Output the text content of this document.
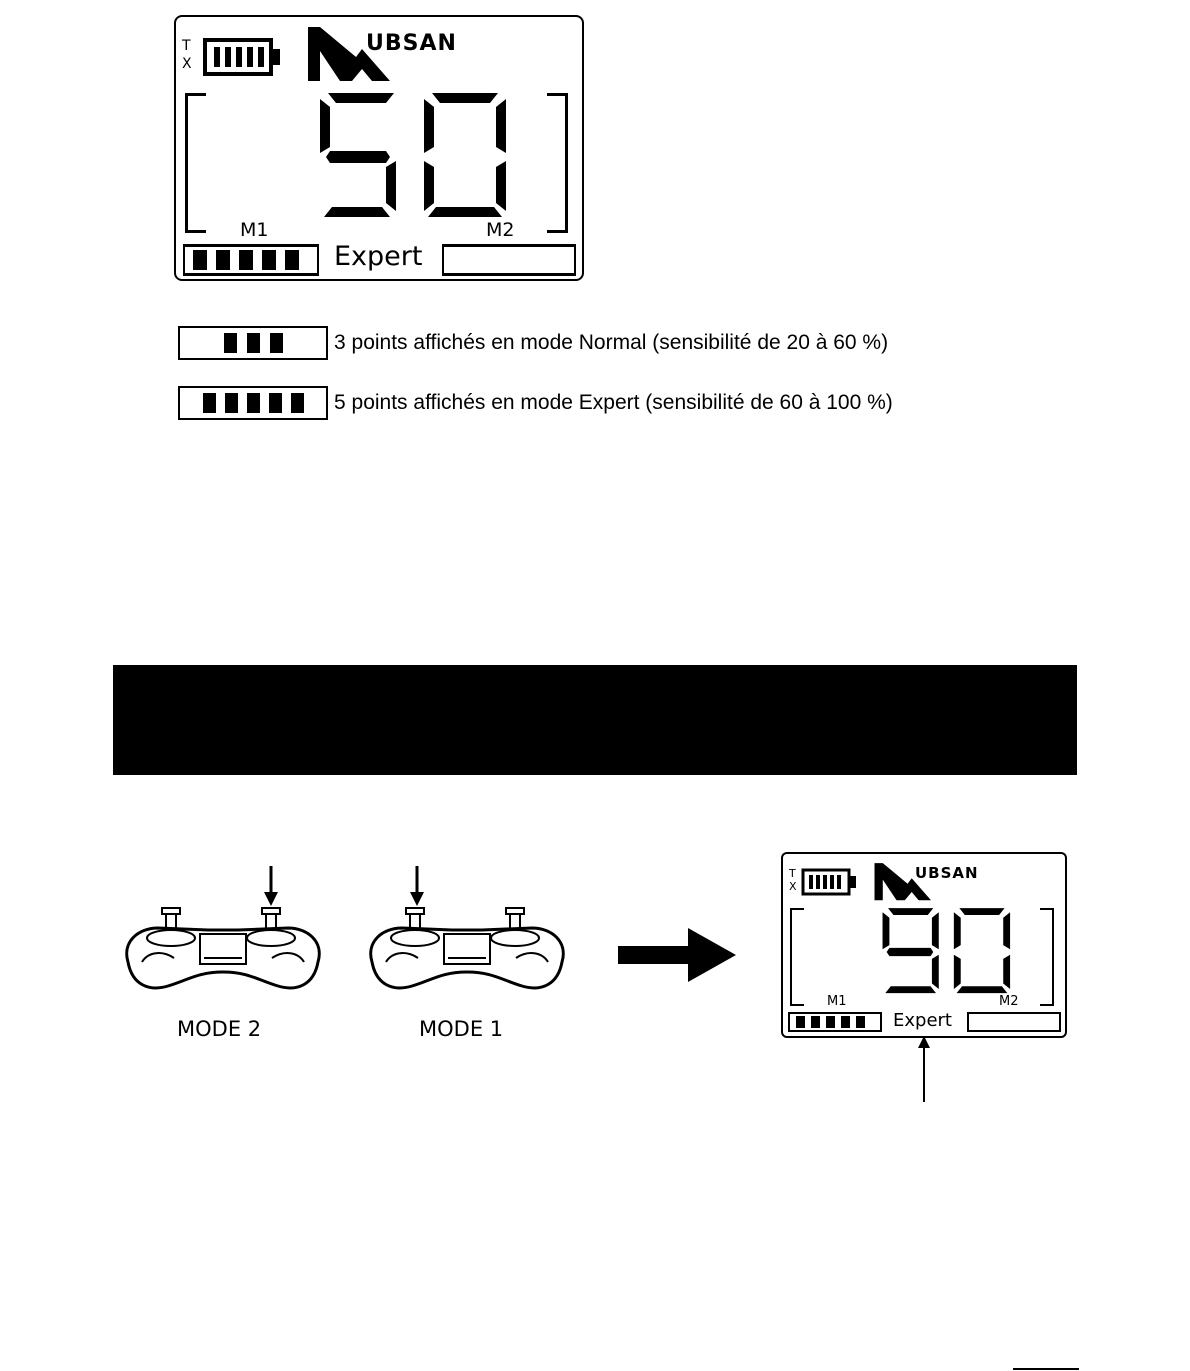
T
X
UBSAN
M1	M2
Expert
3 points affichés en mode Normal (sensibilité de 20 à 60 %)
5 points affichés en mode Expert (sensibilité de 60 à 100 %)
MODE 2	MODE 1
T
X
UBSAN
M1	M2
Expert
